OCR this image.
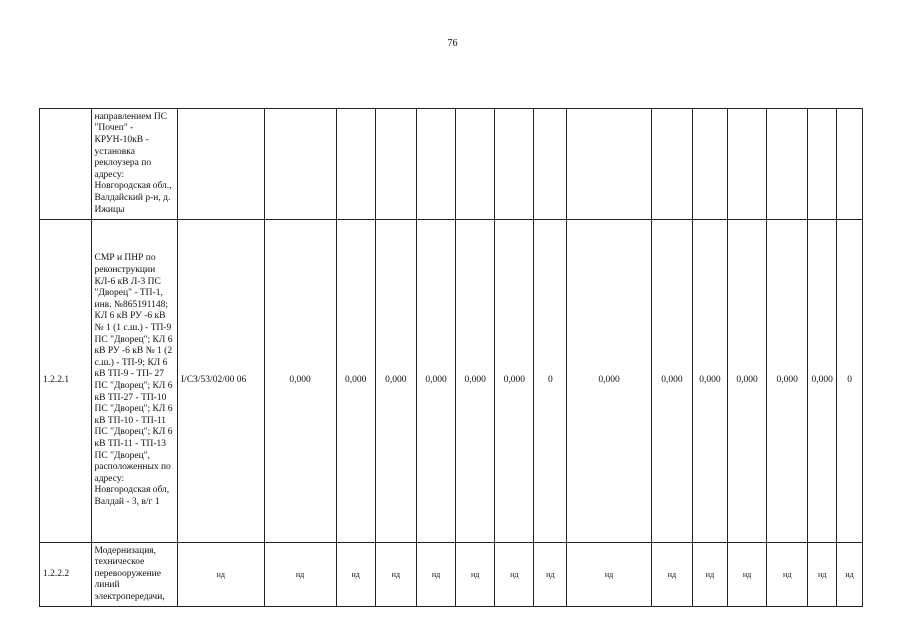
76
	направлением ПС "Почеп" - КРУН-10кВ - установка реклоузера по адресу: Новгородская обл., Валдайский р-н, д. Ижицы															
1.2.2.1	СМР и ПНР по реконструкции КЛ-6 кВ Л-3 ПС "Дворец" - ТП-1, инв. №865191148; КЛ 6 кВ РУ -6 кВ № 1 (1 с.ш.) - ТП-9 ПС "Дворец"; КЛ 6 кВ РУ -6 кВ № 1 (2 с.ш.) - ТП-9; КЛ 6 кВ ТП-9 - ТП- 27 ПС "Дворец"; КЛ 6 кВ ТП-27 - ТП-10 ПС "Дворец"; КЛ 6 кВ ТП-10 - ТП-11 ПС "Дворец"; КЛ 6 кВ ТП-11 - ТП-13 ПС "Дворец", расположенных по адресу: Новгородская обл, Валдай - 3, в/г 1	I/СЗ/53/02/00 06	0,000	0,000	0,000	0,000	0,000	0,000	0	0,000	0,000	0,000	0,000	0,000	0,000	0
1.2.2.2	Модернизация, техническое перевооружение линий электропередачи,	нд	нд	нд	нд	нд	нд	нд	нд	нд	нд	нд	нд	нд	нд	нд
